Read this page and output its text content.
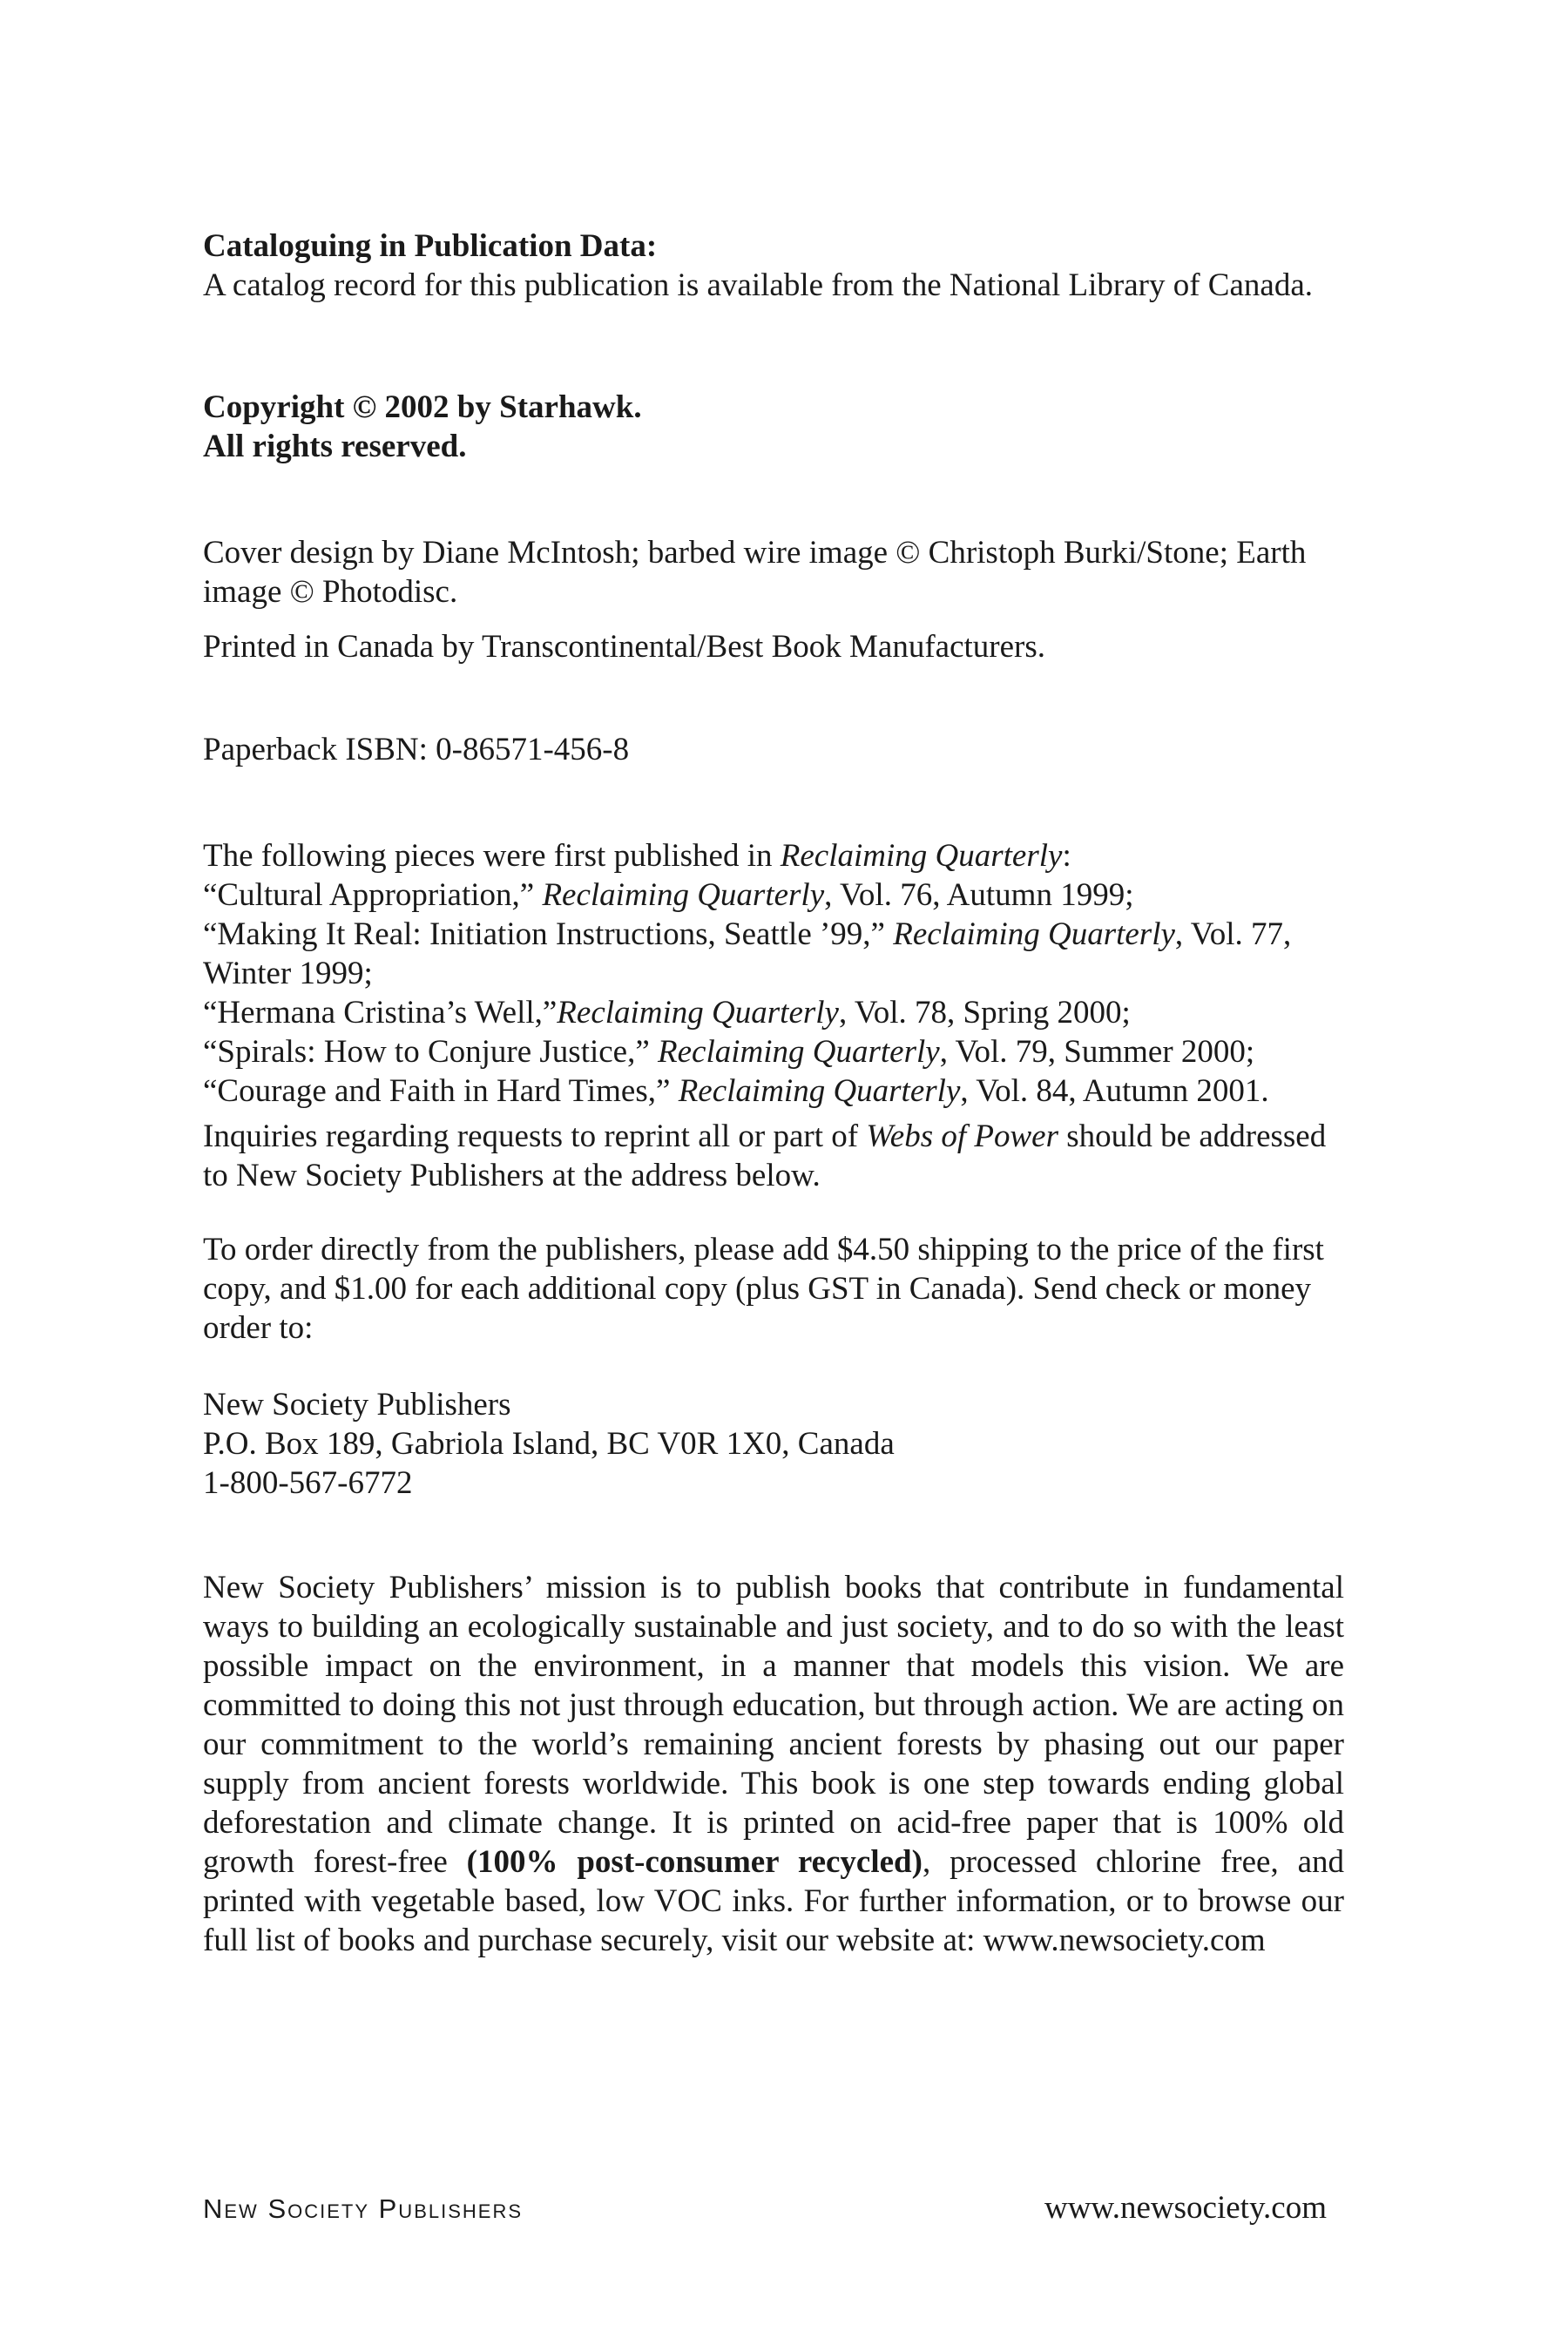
Cataloguing in Publication Data:

A catalog record for this publication is available from the National Library of Canada.

Copyright © 2002 by Starhawk.

All rights reserved.

Cover design by Diane McIntosh; barbed wire image © Christoph Burki/Stone; Earth image © Photodisc.

Printed in Canada by Transcontinental/Best Book Manufacturers.

Paperback ISBN: 0-86571-456-8

The following pieces were first published in Reclaiming Quarterly:

“Cultural Appropriation,” Reclaiming Quarterly, Vol. 76, Autumn 1999;

“Making It Real: Initiation Instructions, Seattle ’99,” Reclaiming Quarterly, Vol. 77, Winter 1999;

“Hermana Cristina’s Well,”Reclaiming Quarterly, Vol. 78, Spring 2000;

“Spirals: How to Conjure Justice,” Reclaiming Quarterly, Vol. 79, Summer 2000;

“Courage and Faith in Hard Times,” Reclaiming Quarterly, Vol. 84, Autumn 2001.

Inquiries regarding requests to reprint all or part of Webs of Power should be addressed to New Society Publishers at the address below.

To order directly from the publishers, please add $4.50 shipping to the price of the first copy, and $1.00 for each additional copy (plus GST in Canada). Send check or money order to:

New Society Publishers

P.O. Box 189, Gabriola Island, BC V0R 1X0, Canada

1-800-567-6772

New Society Publishers’ mission is to publish books that contribute in fundamental ways to building an ecologically sustainable and just society, and to do so with the least possible impact on the environment, in a manner that models this vision. We are committed to doing this not just through education, but through action. We are acting on our commitment to the world’s remaining ancient forests by phasing out our paper supply from ancient forests worldwide. This book is one step towards ending global deforestation and climate change. It is printed on acid-free paper that is 100% old growth forest-free (100% post-consumer recycled), processed chlorine free, and printed with vegetable based, low VOC inks. For further information, or to browse our full list of books and purchase securely, visit our website at: www.newsociety.com

New Society Publishers	www.newsociety.com
